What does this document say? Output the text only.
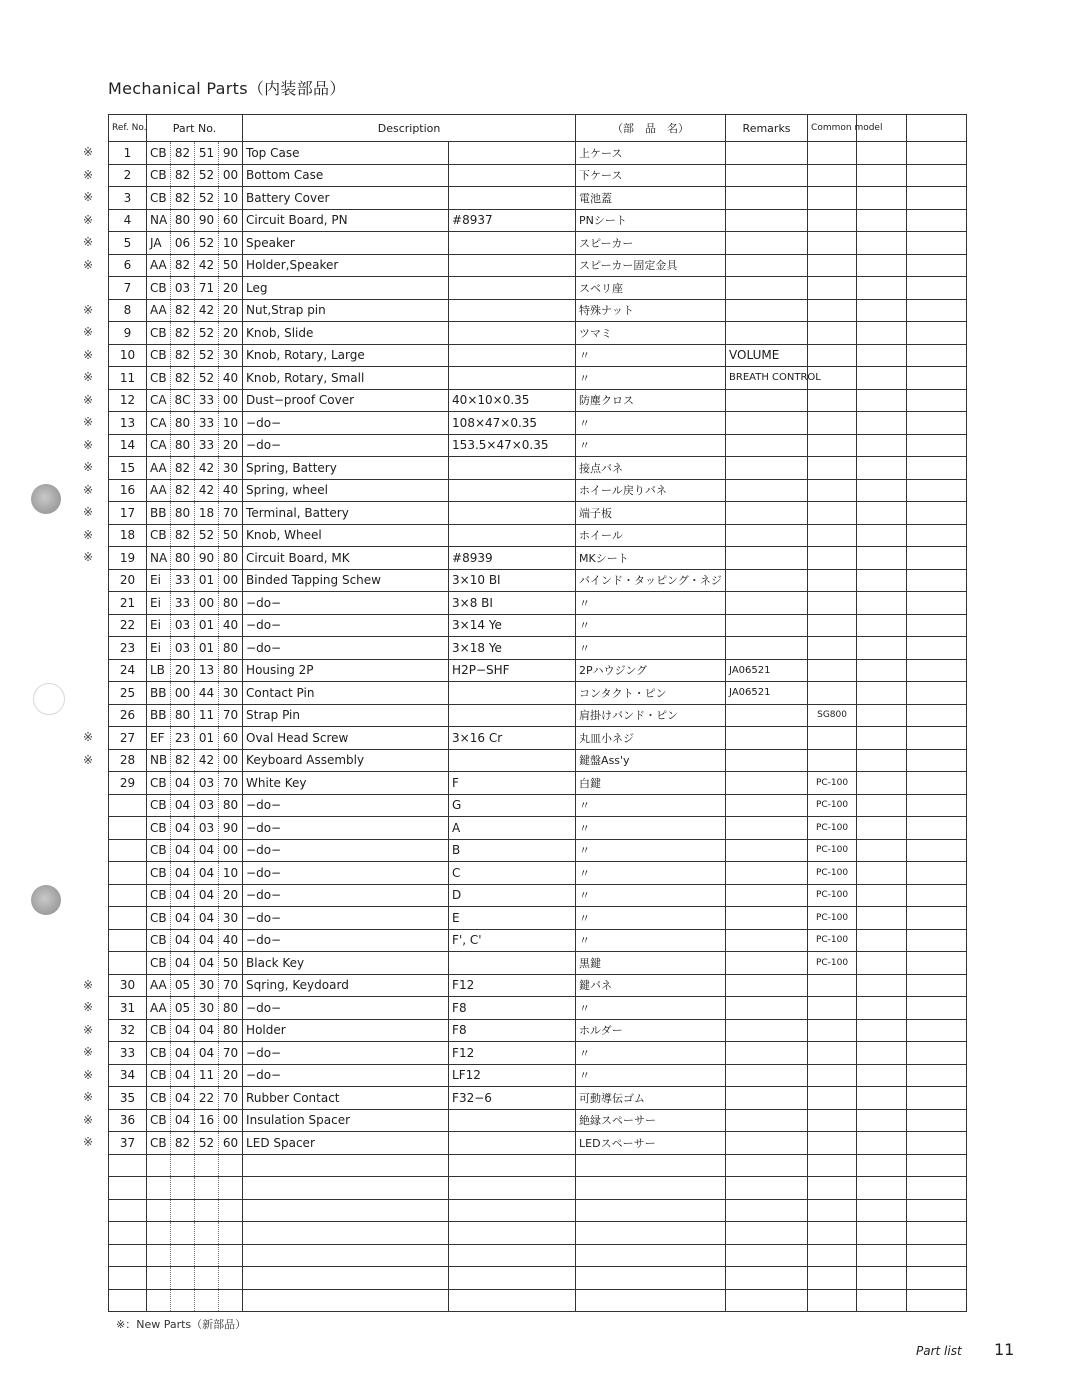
Mechanical Parts（内装部品）
Ref. No.	Part No.				Description		（部　品　名）	Remarks	Common model		

※ 1	CB	82	51	90	Top Case		上ケース				

※ 2	CB	82	52	00	Bottom Case		下ケース				

※ 3	CB	82	52	10	Battery Cover		電池蓋				

※ 4	NA	80	90	60	Circuit Board, PN	#8937	PNシート				

※ 5	JA	06	52	10	Speaker		スピーカー				

※ 6	AA	82	42	50	Holder,Speaker		スピーカー固定金具				

7	CB	03	71	20	Leg		スベリ座				

※ 8	AA	82	42	20	Nut,Strap pin		特殊ナット				

※ 9	CB	82	52	20	Knob, Slide		ツマミ				

※ 10	CB	82	52	30	Knob, Rotary, Large		〃	VOLUME			

※ 11	CB	82	52	40	Knob, Rotary, Small		〃	BREATH CONTROL			

※ 12	CA	8C	33	00	Dust−proof Cover	40×10×0.35	防塵クロス				

※ 13	CA	80	33	10	−do−	108×47×0.35	〃				

※ 14	CA	80	33	20	−do−	153.5×47×0.35	〃				

※ 15	AA	82	42	30	Spring, Battery		接点バネ				

※ 16	AA	82	42	40	Spring, wheel		ホイール戻りバネ				

※ 17	BB	80	18	70	Terminal, Battery		端子板				

※ 18	CB	82	52	50	Knob, Wheel		ホイール				

※ 19	NA	80	90	80	Circuit Board, MK	#8939	MKシート				

20	Ei	33	01	00	Binded Tapping Schew	3×10 BI	バインド・タッピング・ネジ				

21	Ei	33	00	80	−do−	3×8 BI	〃				

22	Ei	03	01	40	−do−	3×14 Ye	〃				

23	Ei	03	01	80	−do−	3×18 Ye	〃				

24	LB	20	13	80	Housing 2P	H2P−SHF	2Pハウジング	JA06521			

25	BB	00	44	30	Contact Pin		コンタクト・ピン	JA06521			

26	BB	80	11	70	Strap Pin		肩掛けバンド・ピン		SG800		

※ 27	EF	23	01	60	Oval Head Screw	3×16 Cr	丸皿小ネジ				

※ 28	NB	82	42	00	Keyboard Assembly		鍵盤Ass'y				

29	CB	04	03	70	White Key	F	白鍵		PC-100		

	CB	04	03	80	−do−	G	〃		PC-100		

	CB	04	03	90	−do−	A	〃		PC-100		

	CB	04	04	00	−do−	B	〃		PC-100		

	CB	04	04	10	−do−	C	〃		PC-100		

	CB	04	04	20	−do−	D	〃		PC-100		

	CB	04	04	30	−do−	E	〃		PC-100		

	CB	04	04	40	−do−	F', C'	〃		PC-100		

	CB	04	04	50	Black Key		黒鍵		PC-100		

※ 30	AA	05	30	70	Sqring, Keydoard	F12	鍵バネ				

※ 31	AA	05	30	80	−do−	F8	〃				

※ 32	CB	04	04	80	Holder	F8	ホルダー				

※ 33	CB	04	04	70	−do−	F12	〃				

※ 34	CB	04	11	20	−do−	LF12	〃				

※ 35	CB	04	22	70	Rubber Contact	F32−6	可動導伝ゴム				

※ 36	CB	04	16	00	Insulation Spacer		絶縁スペーサー				

※ 37	CB	82	52	60	LED Spacer		LEDスペーサー				

※：New Parts（新部品）
Part list 11
